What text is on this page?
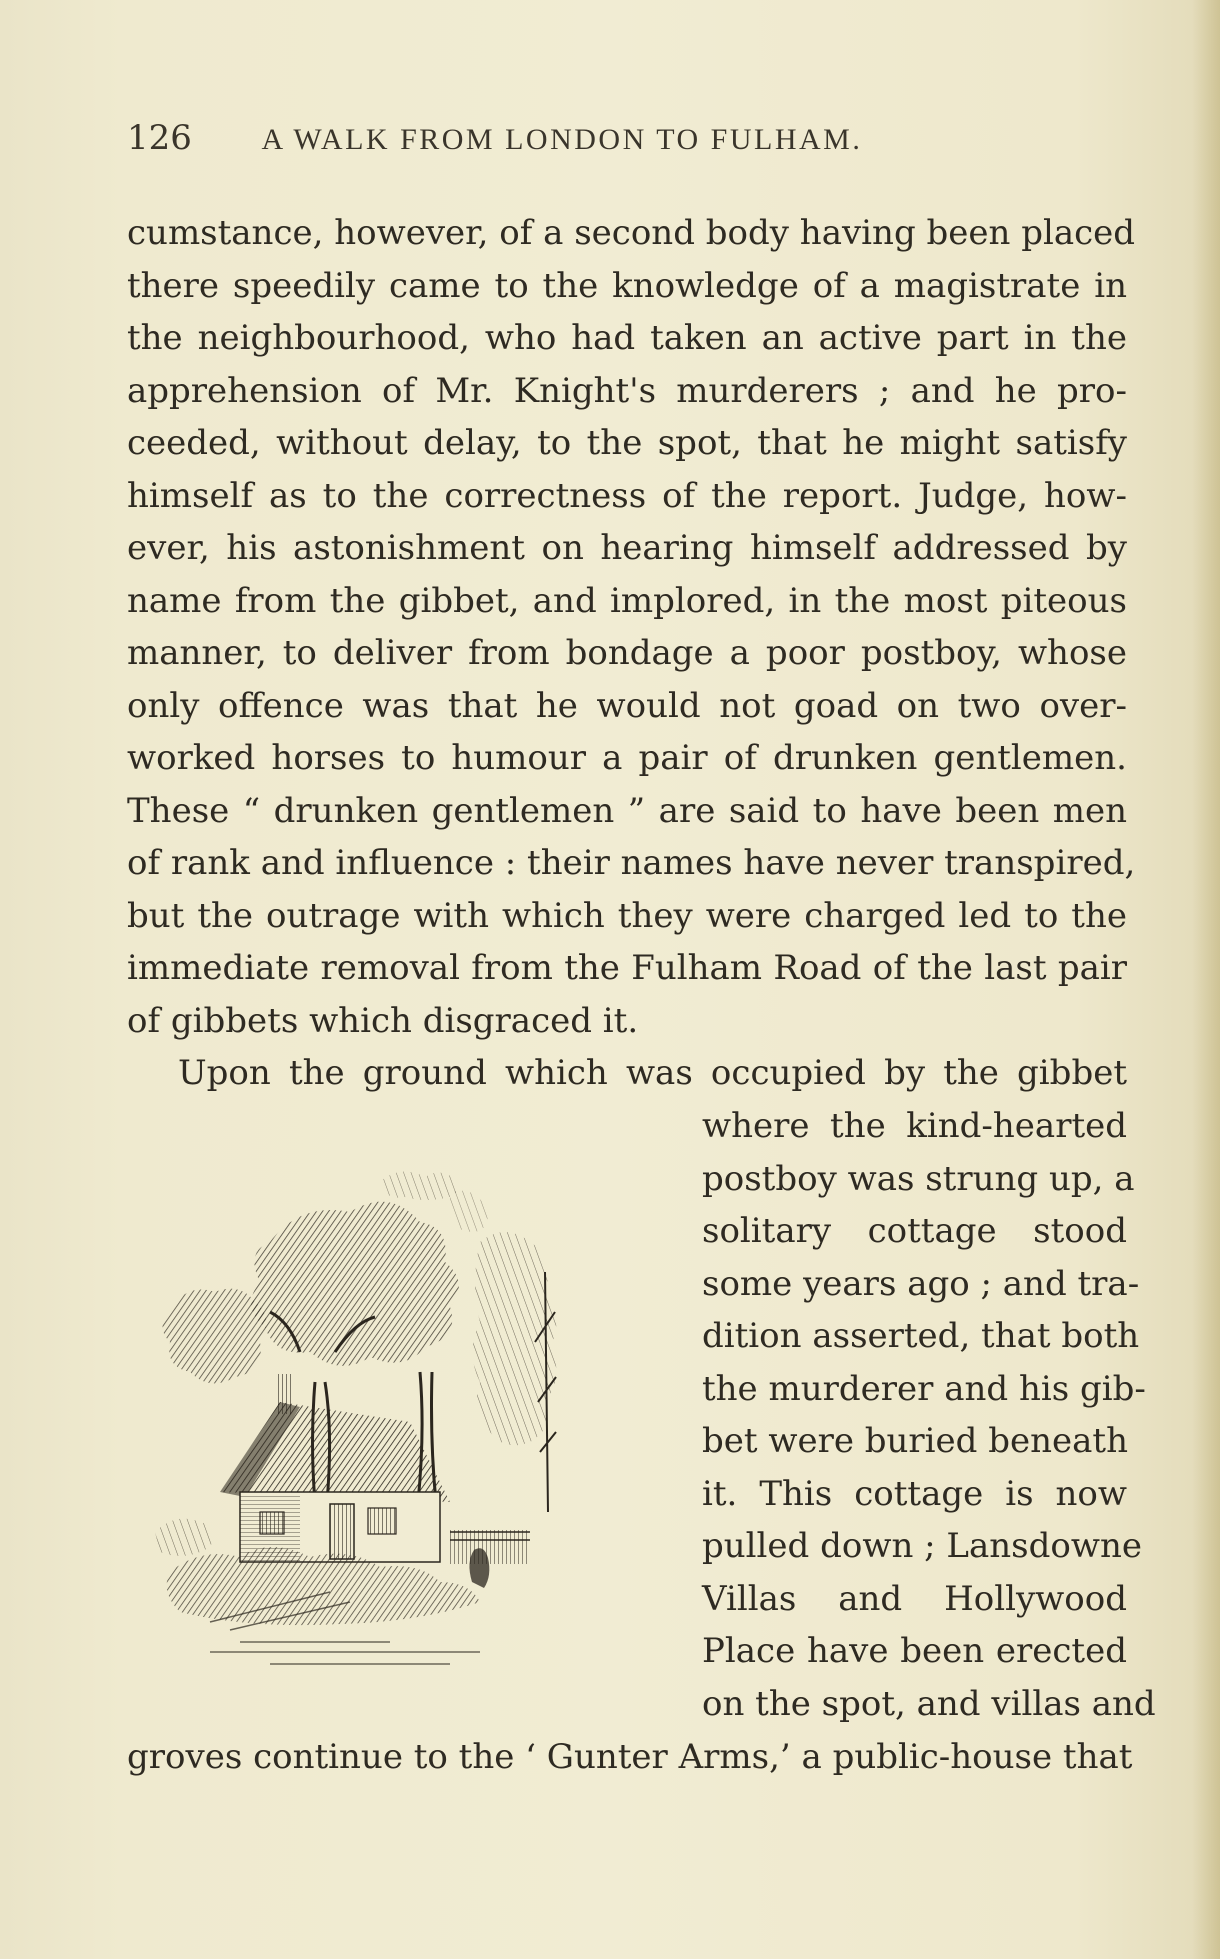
126 A WALK FROM LONDON TO FULHAM.
cumstance, however, of a second body having been placed
there speedily came to the knowledge of a magistrate in
the neighbourhood, who had taken an active part in the
apprehension of Mr. Knight's murderers ; and he pro-
ceeded, without delay, to the spot, that he might satisfy
himself as to the correctness of the report. Judge, how-
ever, his astonishment on hearing himself addressed by
name from the gibbet, and implored, in the most piteous
manner, to deliver from bondage a poor postboy, whose
only offence was that he would not goad on two over-
worked horses to humour a pair of drunken gentlemen.
These “ drunken gentlemen ” are said to have been men
of rank and influence : their names have never transpired,
but the outrage with which they were charged led to the
immediate removal from the Fulham Road of the last pair
of gibbets which disgraced it.
Upon the ground which was occupied by the gibbet
where the kind-hearted
postboy was strung up, a
solitary cottage stood
some years ago ; and tra-
dition asserted, that both
the murderer and his gib-
bet were buried beneath
it. This cottage is now
pulled down ; Lansdowne
Villas and Hollywood
Place have been erected
on the spot, and villas and
groves continue to the ‘ Gunter Arms,’ a public-house that
